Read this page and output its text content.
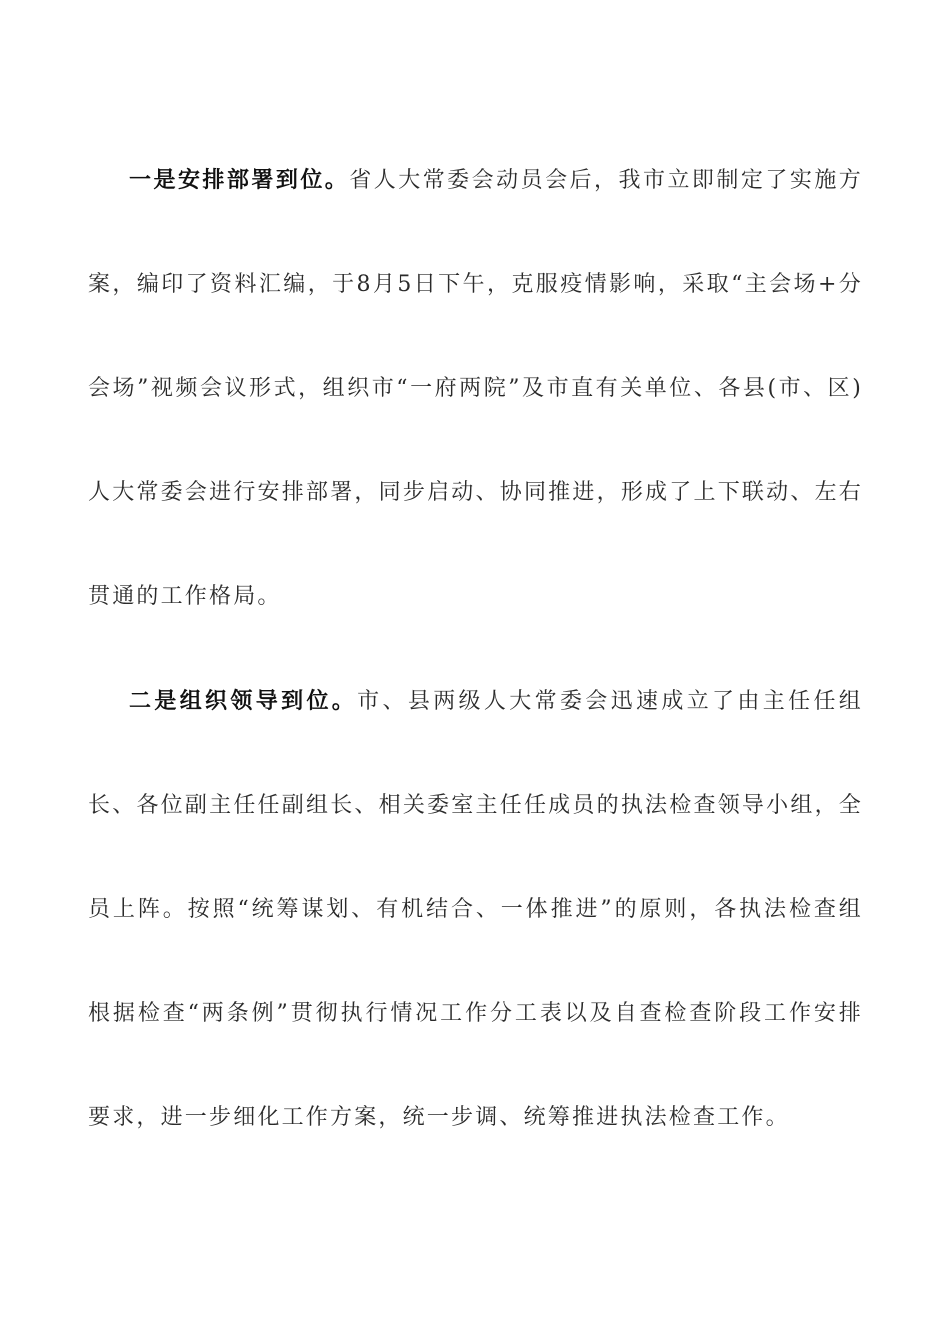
一是安排部署到位。省人大常委会动员会后，我市立即制定了实施方案，编印了资料汇编，于8月5日下午，克服疫情影响，采取“主会场+分会场”视频会议形式，组织市“一府两院”及市直有关单位、各县(市、区)人大常委会进行安排部署，同步启动、协同推进，形成了上下联动、左右贯通的工作格局。

二是组织领导到位。市、县两级人大常委会迅速成立了由主任任组长、各位副主任任副组长、相关委室主任任成员的执法检查领导小组，全员上阵。按照“统筹谋划、有机结合、一体推进”的原则，各执法检查组根据检查“两条例”贯彻执行情况工作分工表以及自查检查阶段工作安排要求，进一步细化工作方案，统一步调、统筹推进执法检查工作。
